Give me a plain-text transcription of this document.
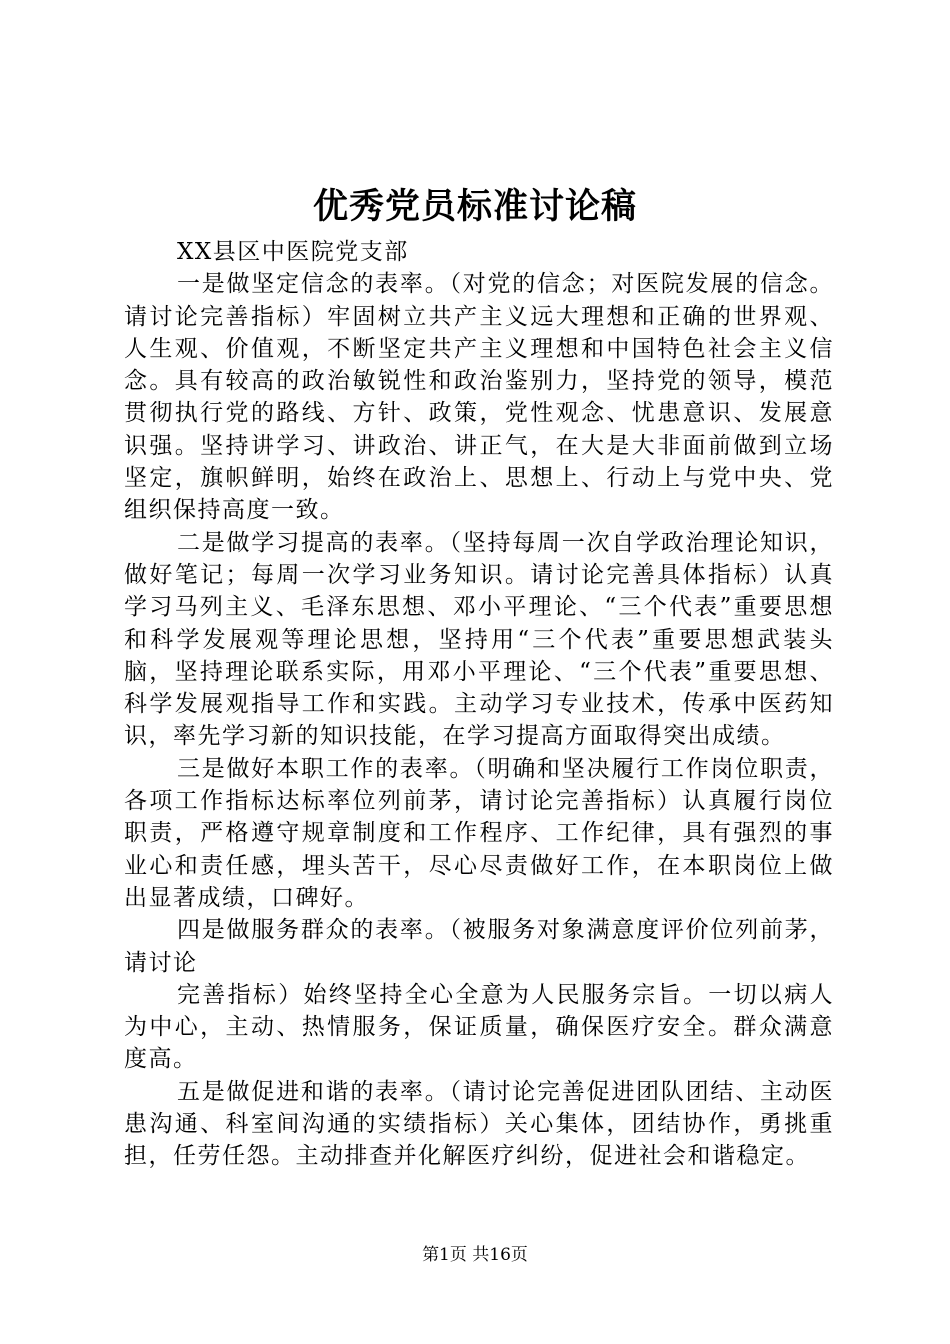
优秀党员标准讨论稿

XX县区中医院党支部

一是做坚定信念的表率。（对党的信念；对医院发展的信念。请讨论完善指标）牢固树立共产主义远大理想和正确的世界观、人生观、价值观，不断坚定共产主义理想和中国特色社会主义信念。具有较高的政治敏锐性和政治鉴别力，坚持党的领导，模范贯彻执行党的路线、方针、政策，党性观念、忧患意识、发展意识强。坚持讲学习、讲政治、讲正气，在大是大非面前做到立场坚定，旗帜鲜明，始终在政治上、思想上、行动上与党中央、党组织保持高度一致。

二是做学习提高的表率。（坚持每周一次自学政治理论知识，做好笔记；每周一次学习业务知识。请讨论完善具体指标）认真学习马列主义、毛泽东思想、邓小平理论、“三个代表”重要思想和科学发展观等理论思想，坚持用“三个代表”重要思想武装头脑，坚持理论联系实际，用邓小平理论、“三个代表”重要思想、科学发展观指导工作和实践。主动学习专业技术，传承中医药知识，率先学习新的知识技能，在学习提高方面取得突出成绩。

三是做好本职工作的表率。（明确和坚决履行工作岗位职责，各项工作指标达标率位列前茅，请讨论完善指标）认真履行岗位职责，严格遵守规章制度和工作程序、工作纪律，具有强烈的事业心和责任感，埋头苦干，尽心尽责做好工作，在本职岗位上做出显著成绩，口碑好。

四是做服务群众的表率。（被服务对象满意度评价位列前茅，请讨论

完善指标）始终坚持全心全意为人民服务宗旨。一切以病人为中心，主动、热情服务，保证质量，确保医疗安全。群众满意度高。

五是做促进和谐的表率。（请讨论完善促进团队团结、主动医患沟通、科室间沟通的实绩指标）关心集体，团结协作，勇挑重担，任劳任怨。主动排查并化解医疗纠纷，促进社会和谐稳定。

第1页 共16页
